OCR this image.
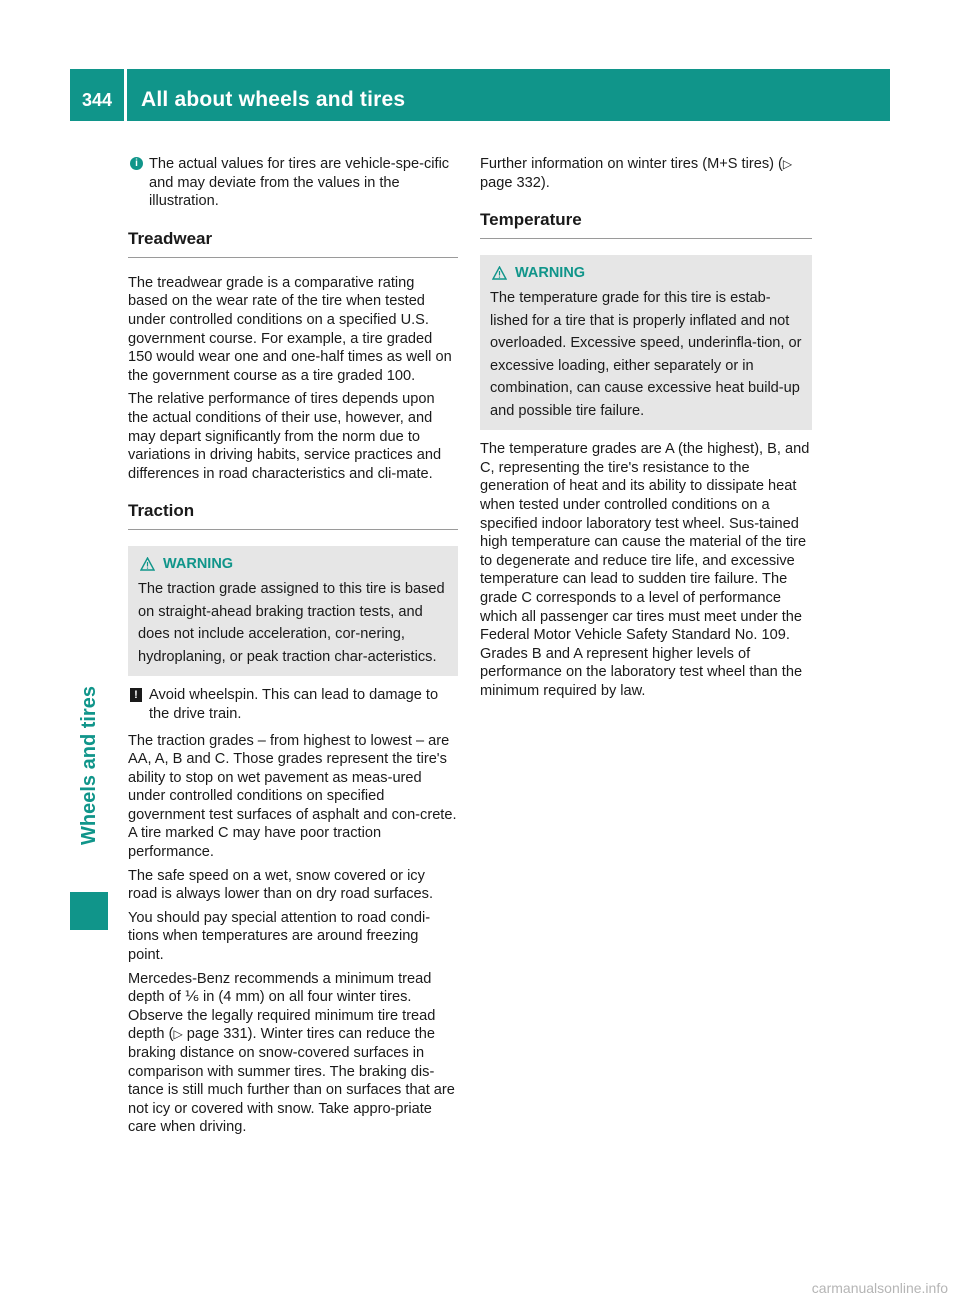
344 All about wheels and tires
Wheels and tires
i The actual values for tires are vehicle-spe-cific and may deviate from the values in the illustration.
Treadwear

The treadwear grade is a comparative rating based on the wear rate of the tire when tested under controlled conditions on a specified U.S. government course. For example, a tire graded 150 would wear one and one-half times as well on the government course as a tire graded 100.

The relative performance of tires depends upon the actual conditions of their use, however, and may depart significantly from the norm due to variations in driving habits, service practices and differences in road characteristics and cli-mate.

Traction
WARNING

The traction grade assigned to this tire is based on straight-ahead braking traction tests, and does not include acceleration, cor-nering, hydroplaning, or peak traction char-acteristics.

! Avoid wheelspin. This can lead to damage to the drive train.

The traction grades – from highest to lowest – are AA, A, B and C. Those grades represent the tire's ability to stop on wet pavement as meas-ured under controlled conditions on specified government test surfaces of asphalt and con-crete. A tire marked C may have poor traction performance.

The safe speed on a wet, snow covered or icy road is always lower than on dry road surfaces.

You should pay special attention to road condi-tions when temperatures are around freezing point.

Mercedes-Benz recommends a minimum tread depth of ⅙ in (4 mm) on all four winter tires. Observe the legally required minimum tire tread depth (▷ page 331). Winter tires can reduce the braking distance on snow-covered surfaces in comparison with summer tires. The braking dis-tance is still much further than on surfaces that are not icy or covered with snow. Take appro-priate care when driving.

Further information on winter tires (M+S tires) (▷ page 332).

Temperature
WARNING

The temperature grade for this tire is estab-lished for a tire that is properly inflated and not overloaded. Excessive speed, underinfla-tion, or excessive loading, either separately or in combination, can cause excessive heat build-up and possible tire failure.

The temperature grades are A (the highest), B, and C, representing the tire's resistance to the generation of heat and its ability to dissipate heat when tested under controlled conditions on a specified indoor laboratory test wheel. Sus-tained high temperature can cause the material of the tire to degenerate and reduce tire life, and excessive temperature can lead to sudden tire failure. The grade C corresponds to a level of performance which all passenger car tires must meet under the Federal Motor Vehicle Safety Standard No. 109. Grades B and A represent higher levels of performance on the laboratory test wheel than the minimum required by law.

carmanualsonline.info
